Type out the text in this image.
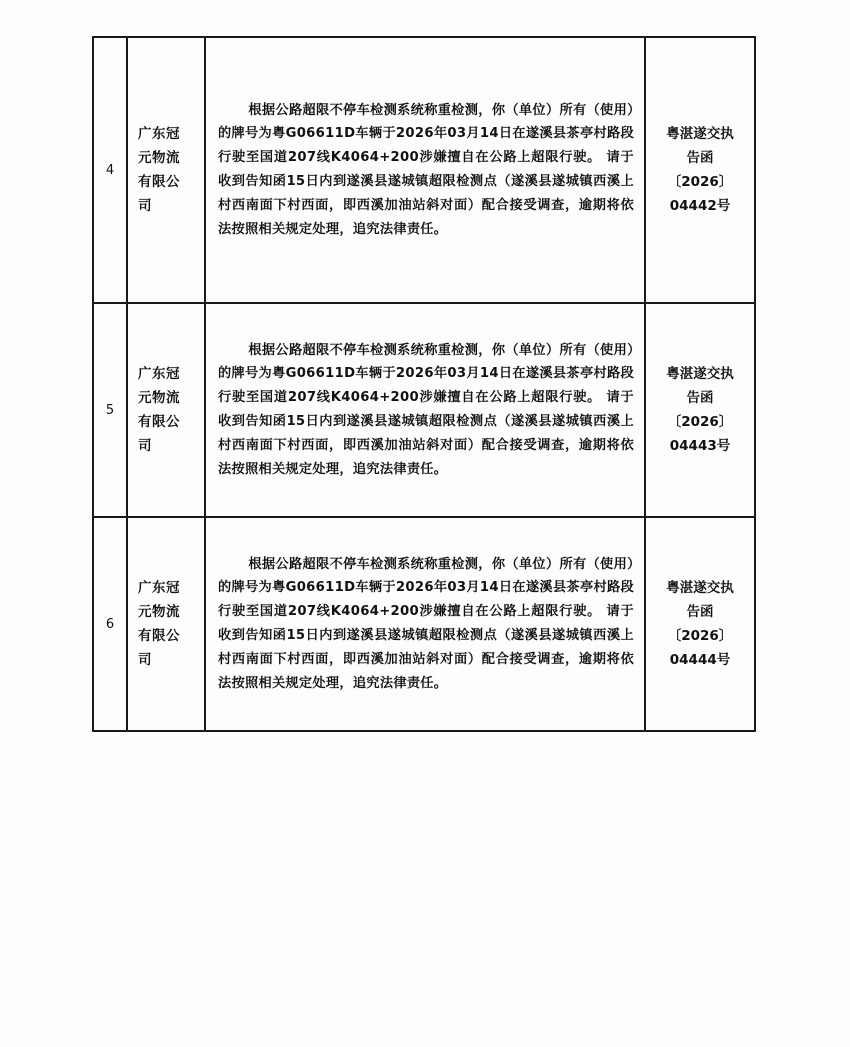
4	广东冠元物流有限公司	根据公路超限不停车检测系统称重检测，你（单位）所有（使用）的牌号为粤G06611D车辆于2026年03月14日在遂溪县茶亭村路段行驶至国道207线K4064+200涉嫌擅自在公路上超限行驶。 请于收到告知函15日内到遂溪县遂城镇超限检测点（遂溪县遂城镇西溪上村西南面下村西面，即西溪加油站斜对面）配合接受调查，逾期将依法按照相关规定处理，追究法律责任。	粤湛遂交执
告函
〔2026〕
04442号

5	广东冠元物流有限公司	根据公路超限不停车检测系统称重检测，你（单位）所有（使用）的牌号为粤G06611D车辆于2026年03月14日在遂溪县茶亭村路段行驶至国道207线K4064+200涉嫌擅自在公路上超限行驶。 请于收到告知函15日内到遂溪县遂城镇超限检测点（遂溪县遂城镇西溪上村西南面下村西面，即西溪加油站斜对面）配合接受调查，逾期将依法按照相关规定处理，追究法律责任。	粤湛遂交执
告函
〔2026〕
04443号

6	广东冠元物流有限公司	根据公路超限不停车检测系统称重检测，你（单位）所有（使用）的牌号为粤G06611D车辆于2026年03月14日在遂溪县茶亭村路段行驶至国道207线K4064+200涉嫌擅自在公路上超限行驶。 请于收到告知函15日内到遂溪县遂城镇超限检测点（遂溪县遂城镇西溪上村西南面下村西面，即西溪加油站斜对面）配合接受调查，逾期将依法按照相关规定处理，追究法律责任。	粤湛遂交执
告函
〔2026〕
04444号
